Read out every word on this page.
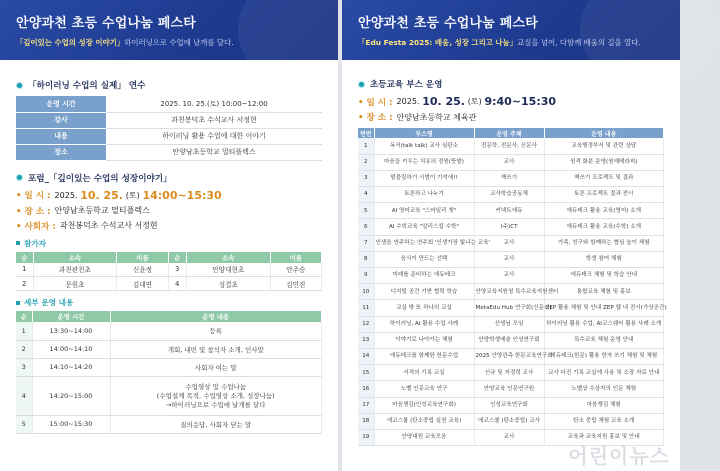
안양과천 초등 수업나눔 페스타
「깊이있는 수업의 성장 이야기」하이러닝으로 수업에 날개를 달다.
「하이러닝 수업의 실제」 연수
운영 시간	2025. 10. 25.(토) 10:00~12:00
강사	과천봉덕초 수석교사 서정현
내용	하이러닝 활용 수업에 대한 이야기
장소	안양남초등학교 멀티플렉스
포럼_「깊이있는 수업의 성장이야기」
• 일 시 : 2025.
10. 25.
(토)
14:00~15:30
• 장 소 : 안양남초등학교 멀티플렉스
• 사회자 : 과천봉덕초 수석교사 서정현
참가자
순	소속	이름	순	소속	이름
1	과천관천초	신윤정	3	안양대현초	안주승
2	문원초	김대연	4	성결초	김민진
세부 운영 내용
순	운영 시간	운영 내용
1	13:30~14:00	등록

2	14:00~14:10	개회, 내빈 및 참석자 소개, 인사말

3	14:10~14:20	사회자 여는 말

4	14:20~15:00	수업영상 및 수업나눔
(수업설계 목적, 수업영상 소개, 성장나눔)
→하이러닝으로 수업에 날개를 달다

5	15:00~15:30	질의응답, 사회자 닫는 말
안양과천 초등 수업나눔 페스타
「Edu Festa 2025: 배움, 성장 그리고 나눔」교실을 넘어, 다함께 배움의 길을 열다.
초등교육 부스 운영
• 일 시 : 2025.
10. 25.
(토)
9:40~15:30
• 장 소 : 안양남초등학교 체육관
연번	부스명	운영 주체	운영 내용
1	독서(talk talk) 교사 심판소	전문학, 전문사, 신문사	교육행정부서 및 관련 상담
2	마음을 키우는 치유의 정원(뜻밭)	교사	원격 화분 운영(원예테라피)
3	멈블링하기 시범이 기억에!!	책쓰기	책쓰기 프로젝트 및 결과
4	토론하고 나누기	교사학습공동체	토론 프로젝트 결과 전시
5	AI 영어교육 "스마일리 챗"	커넥트에듀	에듀테크 활용 교육(영어) 소개
6	AI 수학교육 "알리스킬 수학"	(주)CT	에듀테크 활용 교육(수학) 소개
7	인생을 연주하는 연주회 '인생가장 빛나는 교육'	교사	가족, 친구와 함께하는 협심 놀이 체험
8	음식이 만드는 선택	교사	학생 참여 체험
9	미래를 준비하는 에듀테크	교사	에듀테크 체험 및 학습 안내
10	디지털 공간 기반 협력 학습	안양교육지원청 특수교육지원센터	통합교육 체험 및 홍보
11	교실 밖 또 하나의 교실	MetaEdu Hub 연구회(신문사)	ZEP 활용 체험 및 안내 ZEP 웹 내 전시(가상공간)
12	하이러닝, AI 활용 수업 사례	선생님 모임	하이러닝 활용 수업, AI코스웨어 활용 사례 소개
13	이야기로 나아가는 체험	안양학생예술 인성연구회	특수교육 체험 운영 안내
14	에듀테크를 함께한 한문수업	2025 안양관측 한문교육연구회	에듀테크(한문) 활용 한자 쓰기 체험 및 체험
15	서적의 기록 교실	신규 및 저경력 교사	교사 다진 기록 교실에 사용 및 소장 자료 안내
16	노벨 인문교육 연구	안양교육 인문연구원	노벨상 수상자의 인문 체험
17	마음챙김(인성교육연구회)	인성교육연구회	마음챙김 체험
18	에코스쿨 (탄소중립 실천 교육)	에코스쿨 (탄소중립) 교사	탄소 중립 체험 교육 소개
19	안양대원 교육모음	교사	교육과 교육지원 홍보 및 안내
어린이뉴스
